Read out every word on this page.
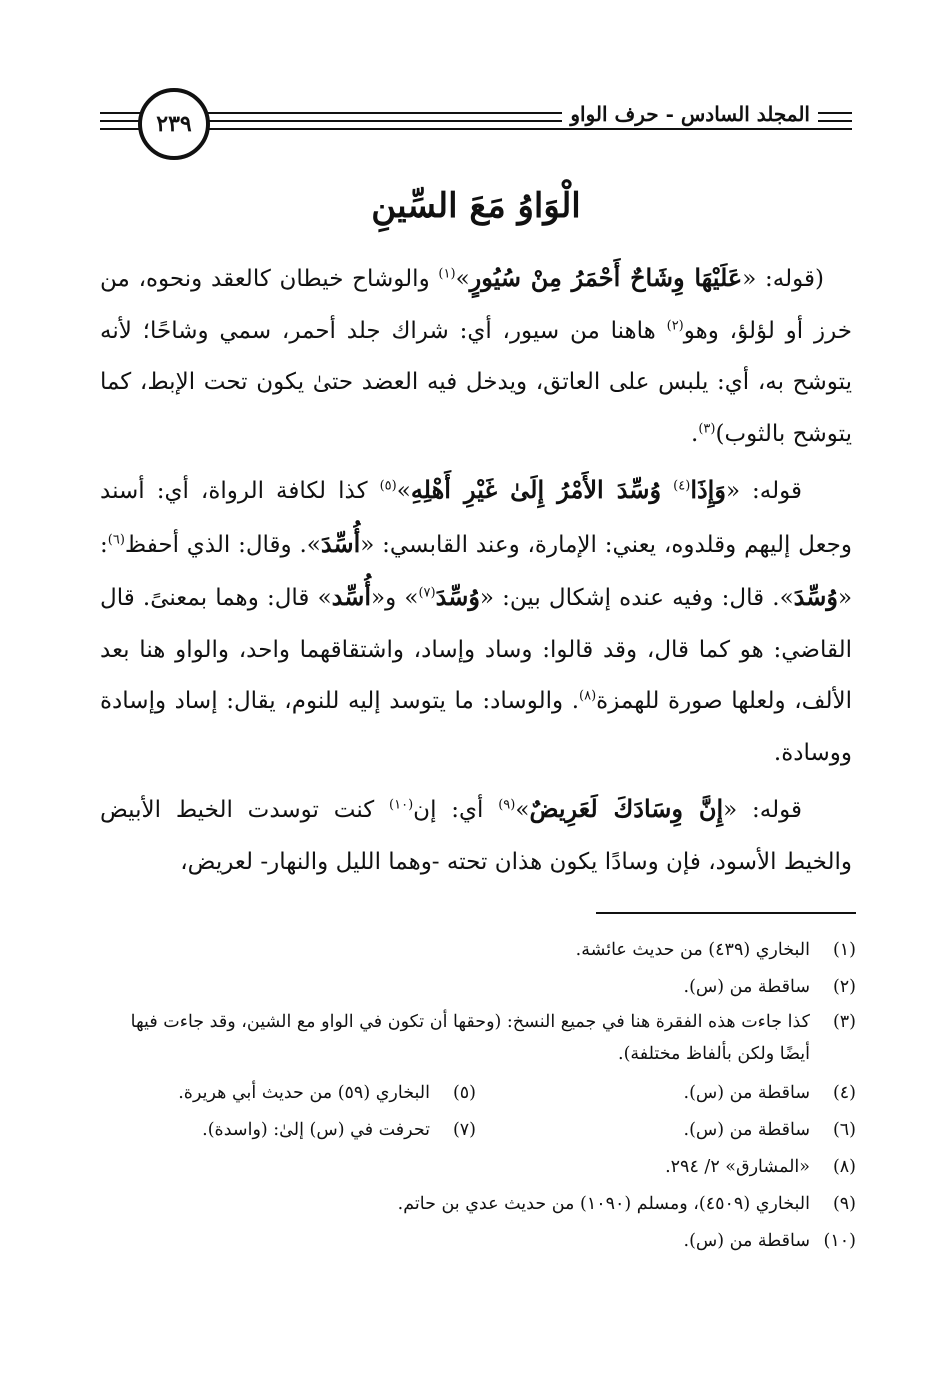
٢٣٩	المجلد السادس - حرف الواو
الْوَاوُ مَعَ السِّينِ

(قوله: «عَلَيْهَا وِشَاحٌ أَحْمَرُ مِنْ سُيُورٍ»$^{(١)}$ والوشاح خيطان كالعقد ونحوه، من خرز أو لؤلؤ، وهو$^{(٢)}$ هاهنا من سيور، أي: شراك جلد أحمر، سمي وشاحًا؛ لأنه يتوشح به، أي: يلبس على العاتق، ويدخل فيه العضد حتىٰ يكون تحت الإبط، كما يتوشح بالثوب)$^{(٣)}$.

قوله: «وَإِذَا$^{(٤)}$ وُسِّدَ الأَمْرُ إِلَىٰ غَيْرِ أَهْلِهِ»$^{(٥)}$ كذا لكافة الرواة، أي: أسند وجعل إليهم وقلدوه، يعني: الإمارة، وعند القابسي: «أُسِّدَ». وقال: الذي أحفظ$^{(٦)}$: «وُسِّدَ». قال: وفيه عنده إشكال بين: «وُسِّدَ$^{(٧)}$» و«أُسِّد» قال: وهما بمعنىً. قال القاضي: هو كما قال، وقد قالوا: وساد وإساد، واشتقاقهما واحد، والواو هنا بعد الألف، ولعلها صورة للهمزة$^{(٨)}$. والوساد: ما يتوسد إليه للنوم، يقال: إساد وإسادة ووسادة.

قوله: «إِنَّ وِسَادَكَ لَعَرِيضٌ»$^{(٩)}$ أي: إن$^{(١٠)}$ كنت توسدت الخيط الأبيض والخيط الأسود، فإن وسادًا يكون هذان تحته -وهما الليل والنهار- لعريض،

(١)
البخاري (٤٣٩) من حديث عائشة.
(٢)
ساقطة من (س).
(٣)
كذا جاءت هذه الفقرة هنا في جميع النسخ: (وحقها أن تكون في الواو مع الشين، وقد جاءت فيها أيضًا ولكن بألفاظ مختلفة).
(٤)
ساقطة من (س).
(٥)
البخاري (٥٩) من حديث أبي هريرة.
(٦)
ساقطة من (س).
(٧)
تحرفت في (س) إلىٰ: (واسدة).
(٨)
«المشارق» ٢/ ٢٩٤.
(٩)
البخاري (٤٥٠٩)، ومسلم (١٠٩٠) من حديث عدي بن حاتم.
(١٠)
ساقطة من (س).
